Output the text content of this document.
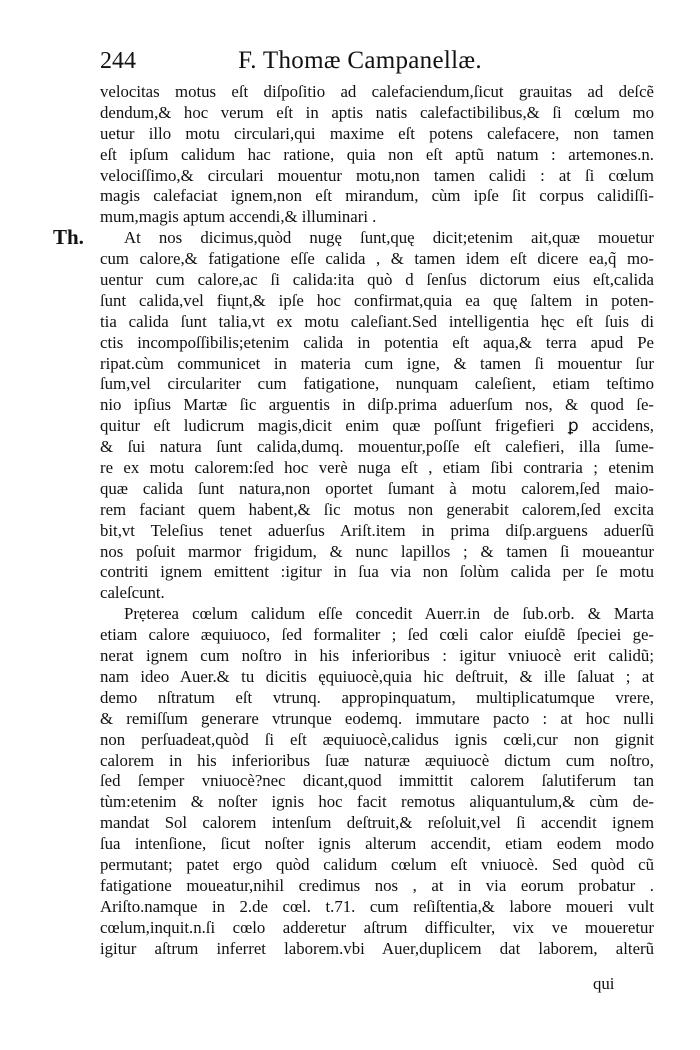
244	F. Thomæ Campanellæ.
Th.
velocitas motus eſt diſpoſitio ad calefaciendum,ſicut grauitas ad deſcẽ
dendum,& hoc verum eſt in aptis natis calefactibilibus,& ſi cœlum mo
uetur illo motu circulari,qui maxime eſt potens calefacere, non tamen
eſt ipſum calidum hac ratione, quia non eſt aptũ natum : artemones.n.
velociſſimo,& circulari mouentur motu,non tamen calidi : at ſi cœlum
magis calefaciat ignem,non eſt mirandum, cùm ipſe ſit corpus calidiſſi-
mum,magis aptum accendi,& illuminari .
At nos dicimus,quòd nugę ſunt,quę dicit;etenim ait,quæ mouetur
cum calore,& fatigatione eſſe calida , & tamen idem eſt dicere ea,q̃ mo-
uentur cum calore,ac ſi calida:ita quò d ſenſus dictorum eius eſt,calida
ſunt calida,vel fiųnt,& ipſe hoc confirmat,quia ea quę ſaltem in poten-
tia calida ſunt talia,vt ex motu caleſiant.Sed intelligentia hęc eſt ſuis di
ctis incompoſſibilis;etenim calida in potentia eſt aqua,& terra apud Pe
ripat.cùm communicet in materia cum igne, & tamen ſi mouentur ſur
ſum,vel circulariter cum fatigatione, nunquam caleſient, etiam teſtimo
nio ipſius Martæ ſic arguentis in diſp.prima aduerſum nos, & quod ſe-
quitur eſt ludicrum magis,dicit enim quæ poſſunt frigefieri ꝑ accidens,
& ſui natura ſunt calida,dumq. mouentur,poſſe eſt calefieri, illa ſume-
re ex motu calorem:ſed hoc verè nuga eſt , etiam ſibi contraria ; etenim
quæ calida ſunt natura,non oportet ſumant à motu calorem,ſed maio-
rem faciant quem habent,& ſic motus non generabit calorem,ſed excita
bit,vt Teleſius tenet aduerſus Ariſt.item in prima diſp.arguens aduerſũ
nos poſuit marmor frigidum, & nunc lapillos ; & tamen ſi moueantur
contriti ignem emittent :igitur in ſua via non ſolùm calida per ſe motu
caleſcunt.
Prẹterea cœlum calidum eſſe concedit Auerr.in de ſub.orb. & Marta
etiam calore æquiuoco, ſed formaliter ; ſed cœli calor eiuſdẽ ſpeciei ge-
nerat ignem cum noſtro in his inferioribus : igitur vniuocè erit calidũ;
nam ideo Auer.& tu dicitis ęquiuocè,quia hic deſtruit, & ille ſaluat ; at
demo nſtratum eſt vtrunq. appropinquatum, multiplicatumque vrere,
& remiſſum generare vtrunque eodemq. immutare pacto : at hoc nulli
non perſuadeat,quòd ſi eſt æquiuocè,calidus ignis cœli,cur non gignit
calorem in his inferioribus ſuæ naturæ æquiuocè dictum cum noſtro,
ſed ſemper vniuocè?nec dicant,quod immittit calorem ſalutiferum tan
tùm:etenim & noſter ignis hoc facit remotus aliquantulum,& cùm de-
mandat Sol calorem intenſum deſtruit,& reſoluit,vel ſi accendit ignem
ſua intenſione, ſicut noſter ignis alterum accendit, etiam eodem modo
permutant; patet ergo quòd calidum cœlum eſt vniuocè. Sed quòd cũ
fatigatione moueatur,nihil credimus nos , at in via eorum probatur .
Ariſto.namque in 2.de cœl. t.71. cum reſiſtentia,& labore moueri vult
cœlum,inquit.n.ſi cœlo adderetur aſtrum difficulter, vix ve moueretur
igitur aſtrum inferret laborem.vbi Auer,duplicem dat laborem, alterũ
qui
